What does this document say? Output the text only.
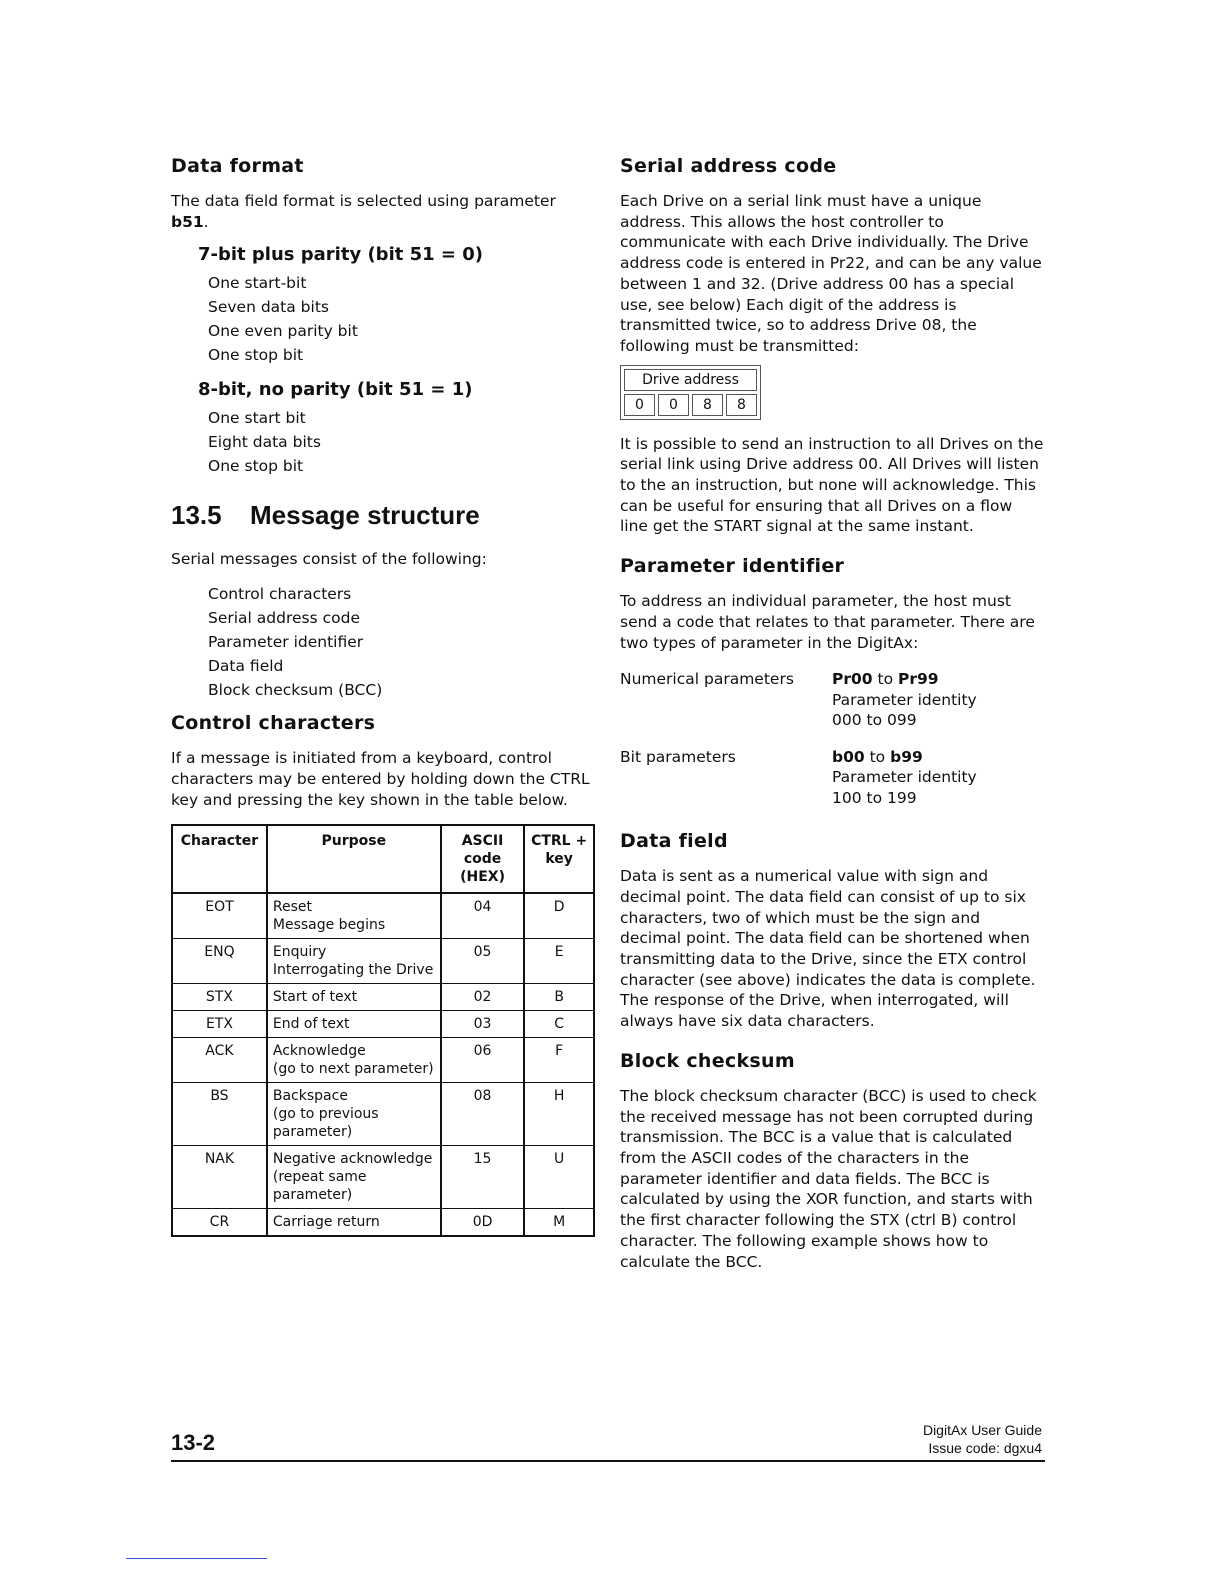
Data format

The data field format is selected using parameter b51.

7-bit plus parity (bit 51 = 0)
One start-bit
Seven data bits
One even parity bit
One stop bit
8-bit, no parity (bit 51 = 1)
One start bit
Eight data bits
One stop bit
13.5 Message structure

Serial messages consist of the following:

Control characters
Serial address code
Parameter identifier
Data field
Block checksum (BCC)
Control characters

If a message is initiated from a keyboard, control characters may be entered by holding down the CTRL key and pressing the key shown in the table below.

Character	Purpose	ASCII code (HEX)	CTRL + key
EOT	Reset
Message begins	04	D
ENQ	Enquiry
Interrogating the Drive	05	E
STX	Start of text	02	B
ETX	End of text	03	C
ACK	Acknowledge
(go to next parameter)	06	F
BS	Backspace
(go to previous
parameter)	08	H
NAK	Negative acknowledge
(repeat same
parameter)	15	U
CR	Carriage return	0D	M
Serial address code

Each Drive on a serial link must have a unique address. This allows the host controller to communicate with each Drive individually. The Drive address code is entered in Pr22, and can be any value between 1 and 32. (Drive address 00 has a special use, see below) Each digit of the address is transmitted twice, so to address Drive 08, the following must be transmitted:

Drive address
0	0	8	8

It is possible to send an instruction to all Drives on the serial link using Drive address 00. All Drives will listen to the an instruction, but none will acknowledge. This can be useful for ensuring that all Drives on a flow line get the START signal at the same instant.

Parameter identifier

To address an individual parameter, the host must send a code that relates to that parameter. There are two types of parameter in the DigitAx:

Numerical parameters	Pr00 to Pr99
Parameter identity
000 to 099
Bit parameters	b00 to b99
Parameter identity
100 to 199
Data field

Data is sent as a numerical value with sign and decimal point. The data field can consist of up to six characters, two of which must be the sign and decimal point. The data field can be shortened when transmitting data to the Drive, since the ETX control character (see above) indicates the data is complete. The response of the Drive, when interrogated, will always have six data characters.

Block checksum

The block checksum character (BCC) is used to check the received message has not been corrupted during transmission. The BCC is a value that is calculated from the ASCII codes of the characters in the parameter identifier and data fields. The BCC is calculated by using the XOR function, and starts with the first character following the STX (ctrl B) control character. The following example shows how to calculate the BCC.

13-2	DigitAx User Guide
Issue code: dgxu4
